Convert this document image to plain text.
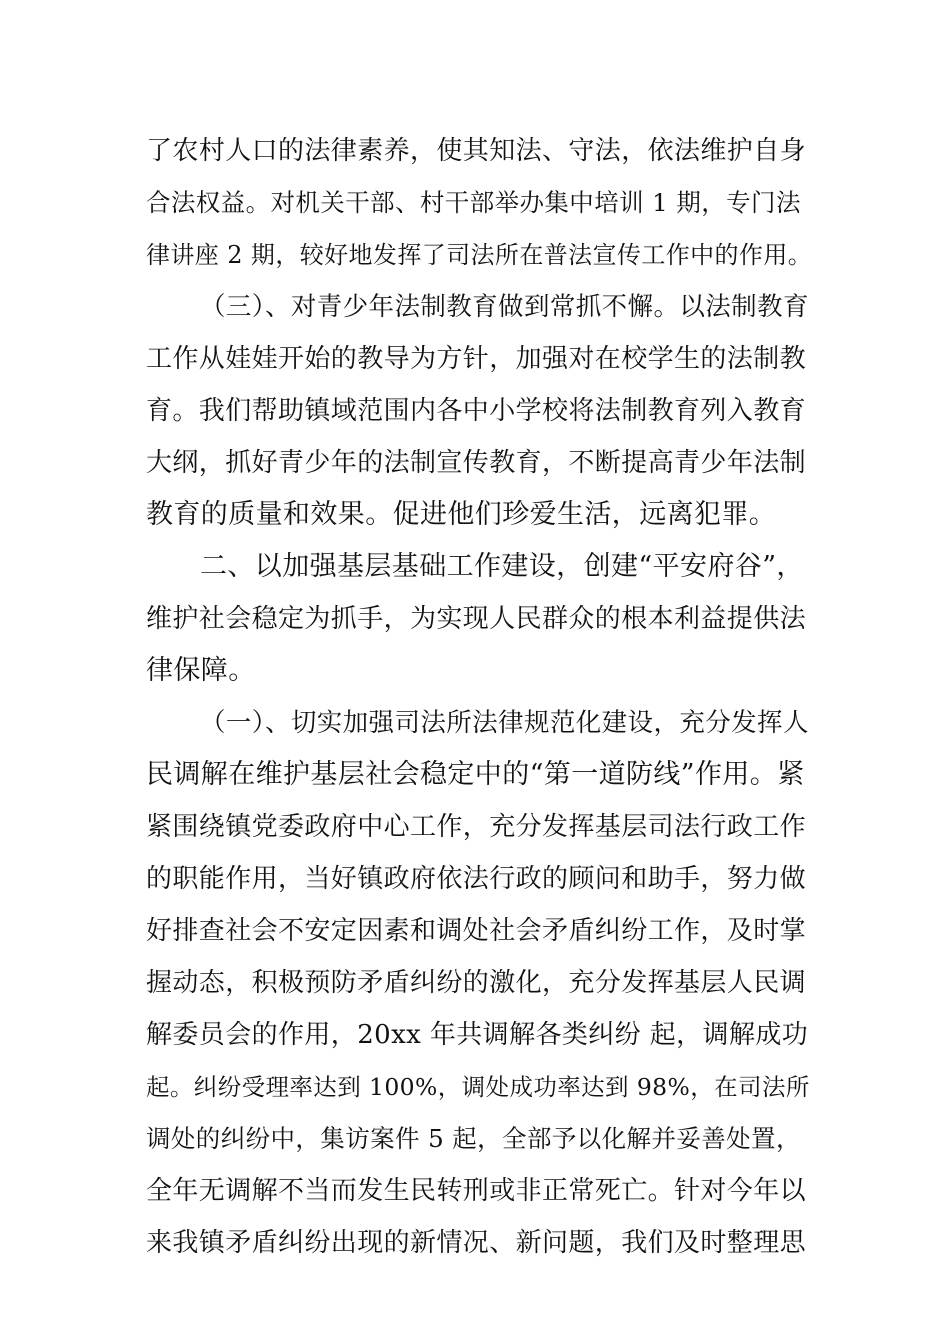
了农村人口的法律素养，使其知法、守法，依法维护自身
合法权益。对机关干部、村干部举办集中培训 1 期，专门法
律讲座 2 期，较好地发挥了司法所在普法宣传工作中的作用。
（三）、对青少年法制教育做到常抓不懈。以法制教育
工作从娃娃开始的教导为方针，加强对在校学生的法制教
育。我们帮助镇域范围内各中小学校将法制教育列入教育
大纲，抓好青少年的法制宣传教育，不断提高青少年法制
教育的质量和效果。促进他们珍爱生活，远离犯罪。
二、以加强基层基础工作建设，创建“平安府谷”，
维护社会稳定为抓手，为实现人民群众的根本利益提供法
律保障。
（一）、切实加强司法所法律规范化建设，充分发挥人
民调解在维护基层社会稳定中的“第一道防线”作用。紧
紧围绕镇党委政府中心工作，充分发挥基层司法行政工作
的职能作用，当好镇政府依法行政的顾问和助手，努力做
好排查社会不安定因素和调处社会矛盾纠纷工作，及时掌
握动态，积极预防矛盾纠纷的激化，充分发挥基层人民调
解委员会的作用，20xx 年共调解各类纠纷 起，调解成功
起。纠纷受理率达到 100%，调处成功率达到 98%，在司法所
调处的纠纷中，集访案件 5 起，全部予以化解并妥善处置，
全年无调解不当而发生民转刑或非正常死亡。针对今年以
来我镇矛盾纠纷出现的新情况、新问题，我们及时整理思
